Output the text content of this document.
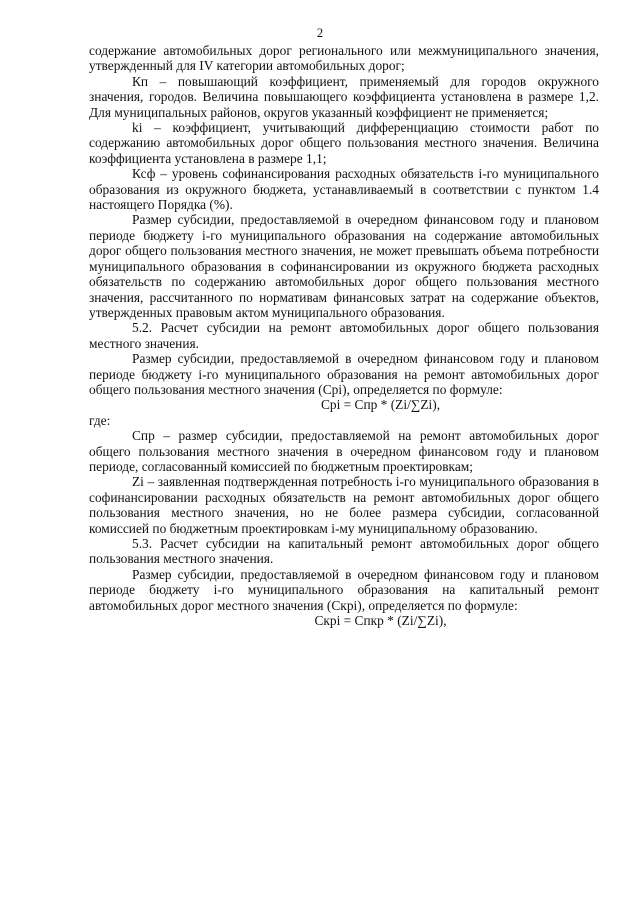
2

содержание автомобильных дорог регионального или межмуниципального значения, утвержденный для IV категории автомобильных дорог;

Кп – повышающий коэффициент, применяемый для городов окружного значения, городов. Величина повышающего коэффициента установлена в размере 1,2. Для муниципальных районов, округов указанный коэффициент не применяется;

ki – коэффициент, учитывающий дифференциацию стоимости работ по содержанию автомобильных дорог общего пользования местного значения. Величина коэффициента установлена в размере 1,1;

Ксф – уровень софинансирования расходных обязательств i-го муниципального образования из окружного бюджета, устанавливаемый в соответствии с пунктом 1.4 настоящего Порядка (%).

Размер субсидии, предоставляемой в очередном финансовом году и плановом периоде бюджету i-го муниципального образования на содержание автомобильных дорог общего пользования местного значения, не может превышать объема потребности муниципального образования в софинансировании из окружного бюджета расходных обязательств по содержанию автомобильных дорог общего пользования местного значения, рассчитанного по нормативам финансовых затрат на содержание объектов, утвержденных правовым актом муниципального образования.

5.2. Расчет субсидии на ремонт автомобильных дорог общего пользования местного значения.

Размер субсидии, предоставляемой в очередном финансовом году и плановом периоде бюджету i-го муниципального образования на ремонт автомобильных дорог общего пользования местного значения (Срi), определяется по формуле:

Срi = Спр * (Zi/∑Zi),

где:

Спр – размер субсидии, предоставляемой на ремонт автомобильных дорог общего пользования местного значения в очередном финансовом году и плановом периоде, согласованный комиссией по бюджетным проектировкам;

Zi – заявленная подтвержденная потребность i-го муниципального образования в софинансировании расходных обязательств на ремонт автомобильных дорог общего пользования местного значения, но не более размера субсидии, согласованной комиссией по бюджетным проектировкам i-му муниципальному образованию.

5.3. Расчет субсидии на капитальный ремонт автомобильных дорог общего пользования местного значения.

Размер субсидии, предоставляемой в очередном финансовом году и плановом периоде бюджету i-го муниципального образования на капитальный ремонт автомобильных дорог местного значения (Скрi), определяется по формуле:

Скрi = Спкр * (Zi/∑Zi),
